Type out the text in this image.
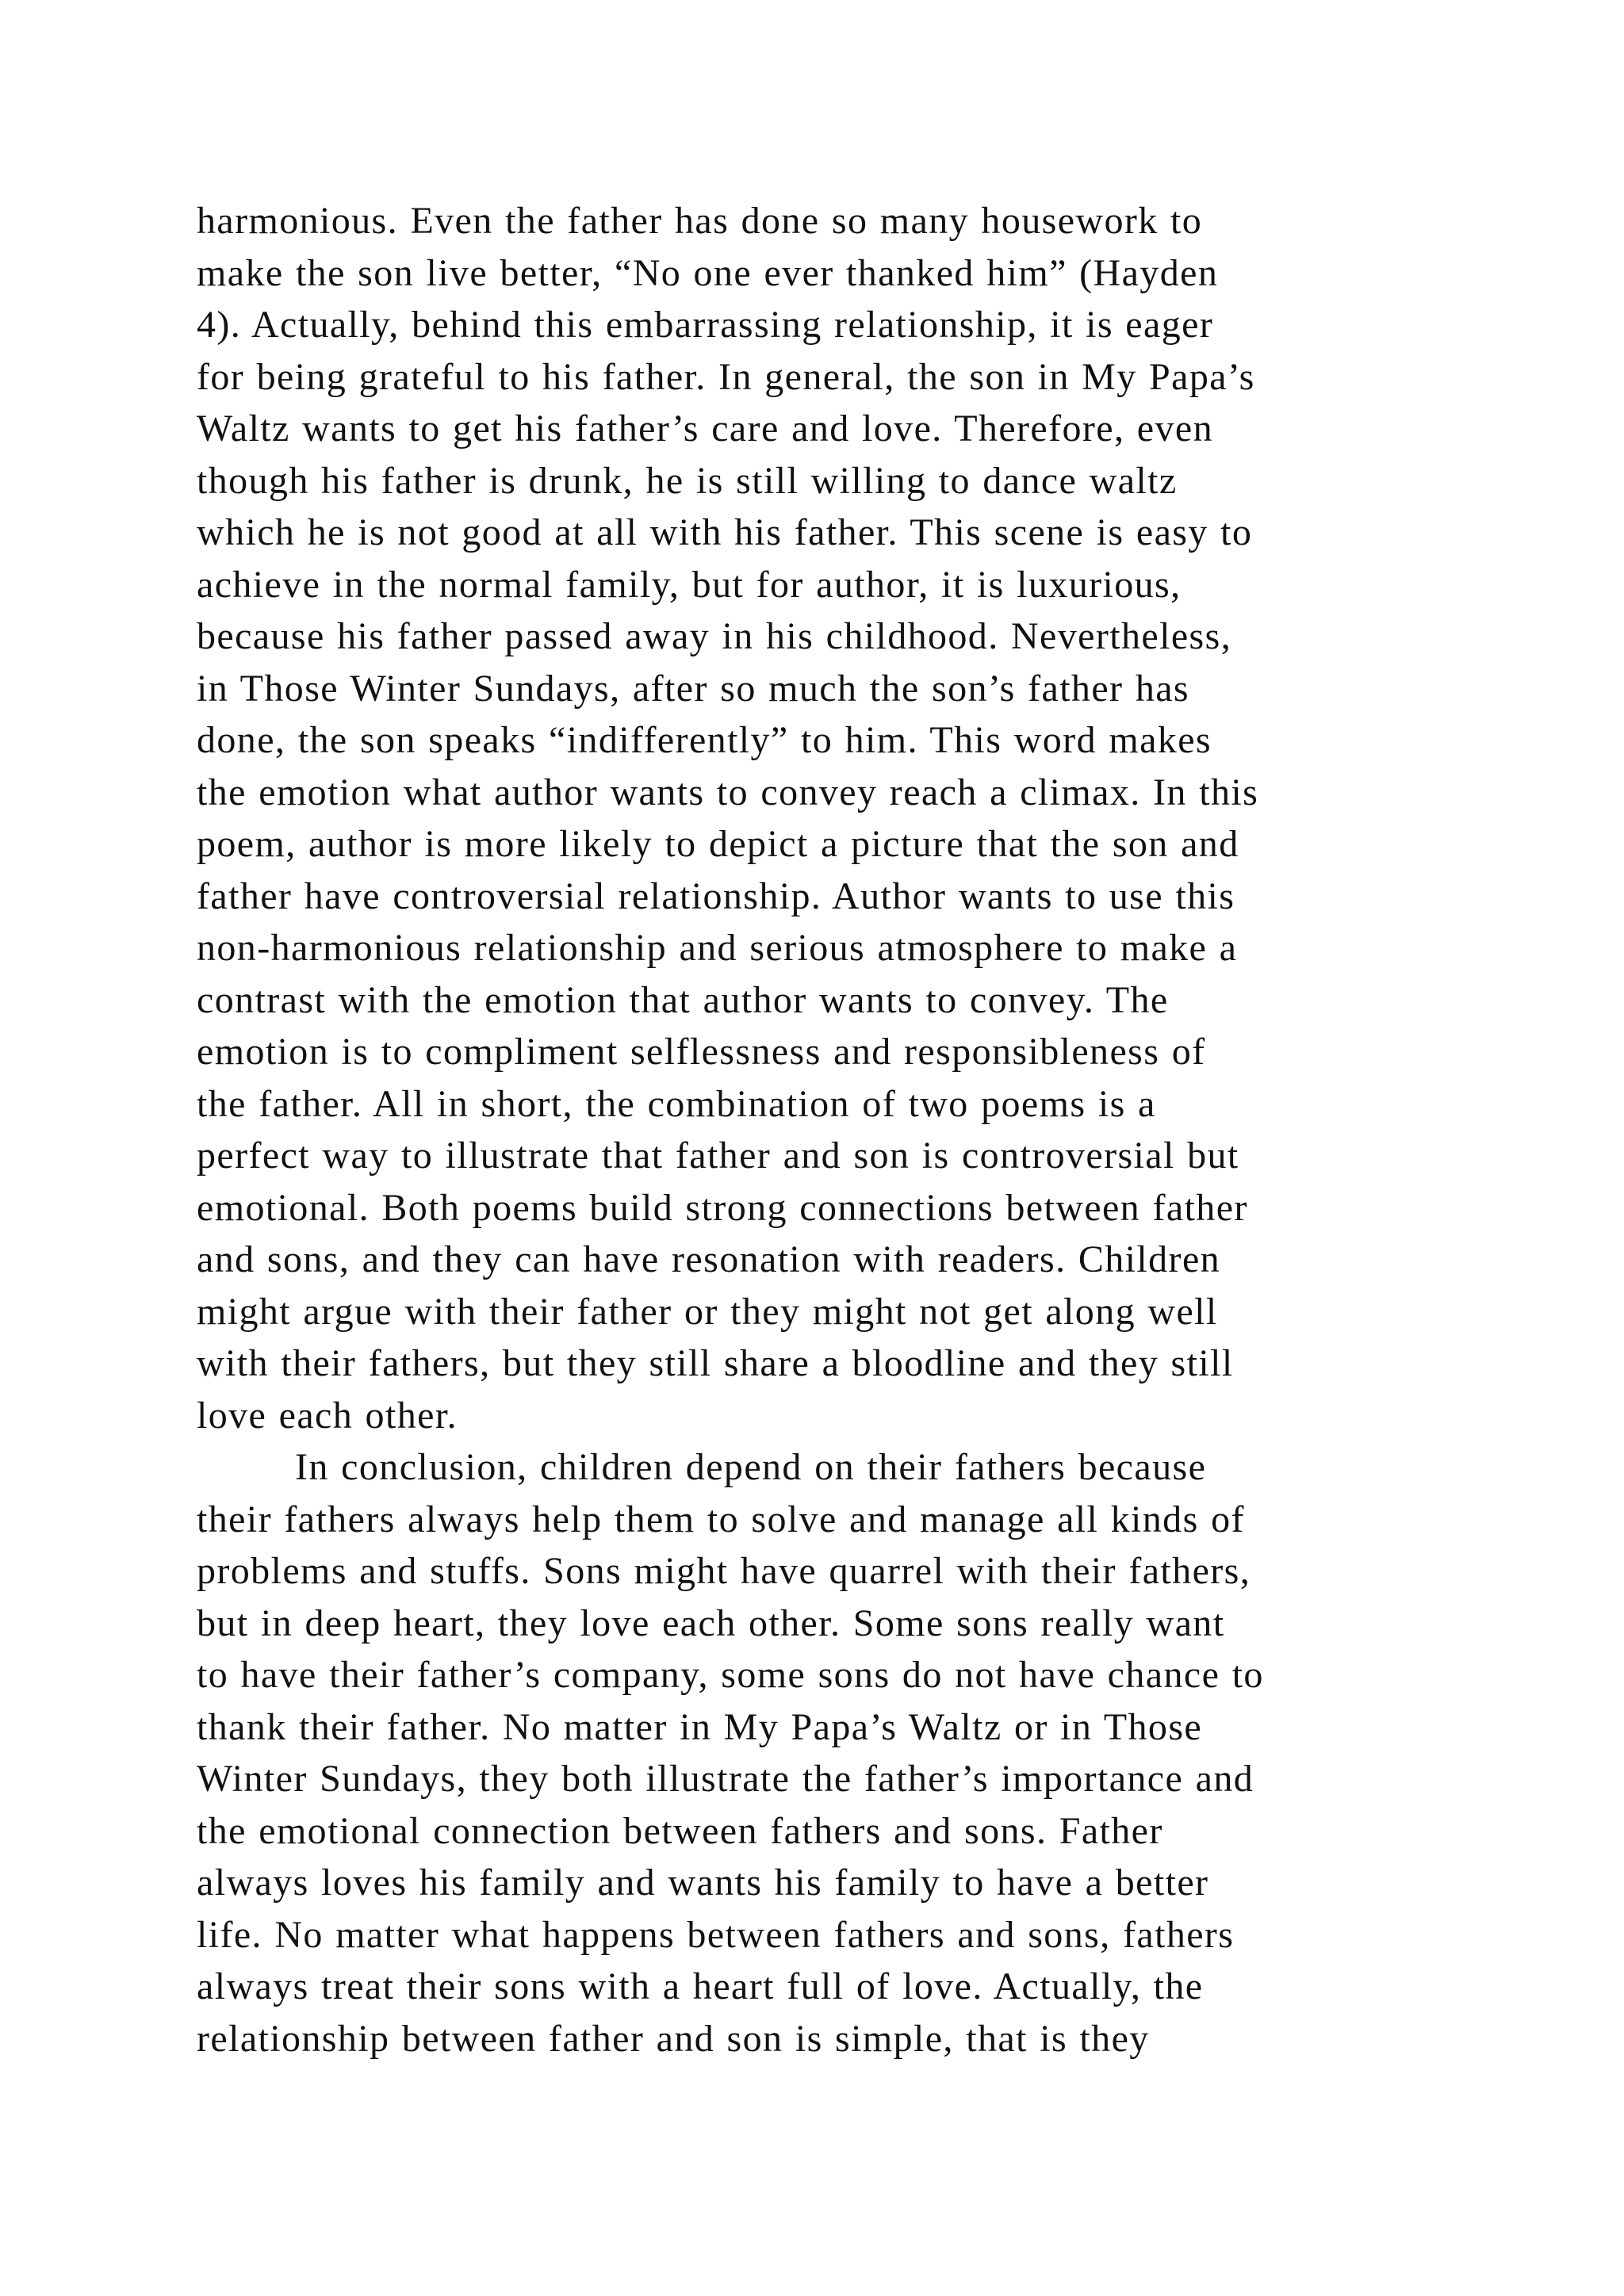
harmonious. Even the father has done so many housework to
make the son live better, “No one ever thanked him” (Hayden
4). Actually, behind this embarrassing relationship, it is eager
for being grateful to his father. In general, the son in My Papa’s
Waltz wants to get his father’s care and love. Therefore, even
though his father is drunk, he is still willing to dance waltz
which he is not good at all with his father. This scene is easy to
achieve in the normal family, but for author, it is luxurious,
because his father passed away in his childhood. Nevertheless,
in Those Winter Sundays, after so much the son’s father has
done, the son speaks “indifferently” to him. This word makes
the emotion what author wants to convey reach a climax. In this
poem, author is more likely to depict a picture that the son and
father have controversial relationship. Author wants to use this
non-harmonious relationship and serious atmosphere to make a
contrast with the emotion that author wants to convey. The
emotion is to compliment selflessness and responsibleness of
the father. All in short, the combination of two poems is a
perfect way to illustrate that father and son is controversial but
emotional. Both poems build strong connections between father
and sons, and they can have resonation with readers. Children
might argue with their father or they might not get along well
with their fathers, but they still share a bloodline and they still
love each other.
In conclusion, children depend on their fathers because
their fathers always help them to solve and manage all kinds of
problems and stuffs. Sons might have quarrel with their fathers,
but in deep heart, they love each other. Some sons really want
to have their father’s company, some sons do not have chance to
thank their father. No matter in My Papa’s Waltz or in Those
Winter Sundays, they both illustrate the father’s importance and
the emotional connection between fathers and sons. Father
always loves his family and wants his family to have a better
life. No matter what happens between fathers and sons, fathers
always treat their sons with a heart full of love. Actually, the
relationship between father and son is simple, that is they
